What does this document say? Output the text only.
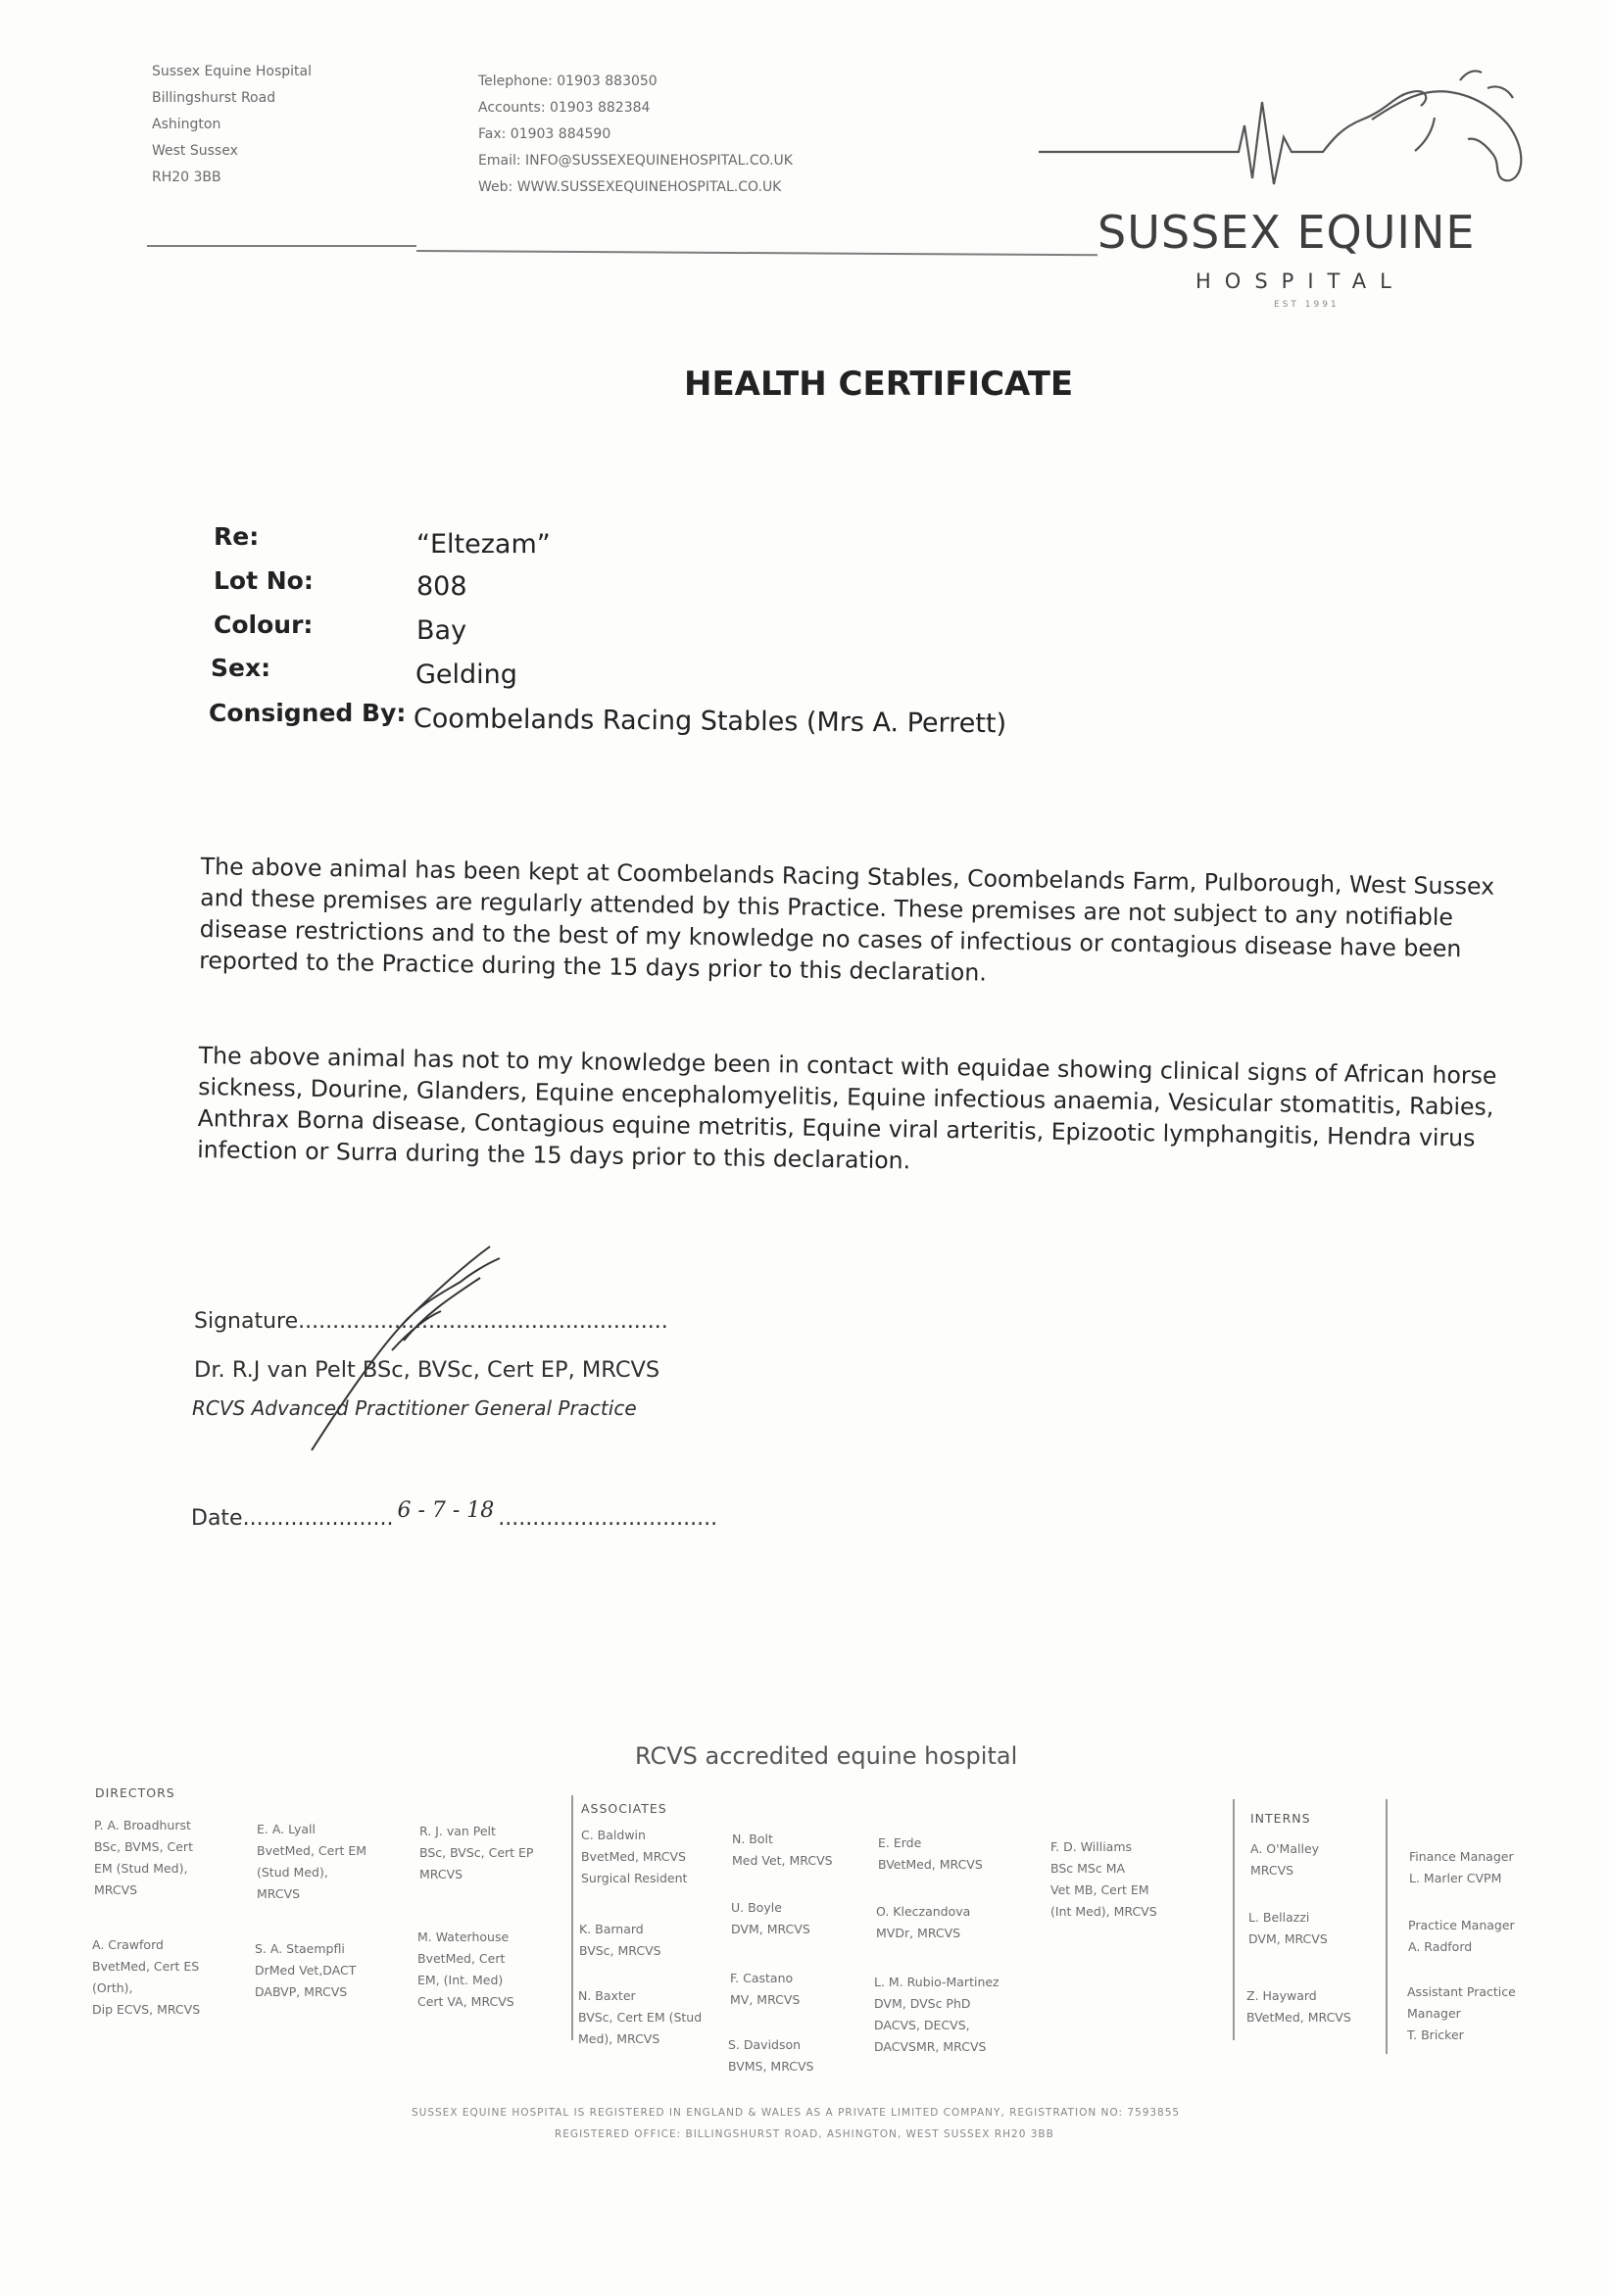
Sussex Equine Hospital
Billingshurst Road
Ashington
West Sussex
RH20 3BB
Telephone: 01903 883050
Accounts: 01903 882384
Fax: 01903 884590
Email: INFO@SUSSEXEQUINEHOSPITAL.CO.UK
Web: WWW.SUSSEXEQUINEHOSPITAL.CO.UK
SUSSEX EQUINE
HOSPITAL
EST 1991
HEALTH CERTIFICATE
Re:	“Eltezam”
Lot No:	808
Colour:	Bay
Sex:	Gelding
Consigned By: Coombelands Racing Stables (Mrs A. Perrett)
The above animal has been kept at Coombelands Racing Stables, Coombelands Farm, Pulborough, West Sussex and these premises are regularly attended by this Practice. These premises are not subject to any notifiable disease restrictions and to the best of my knowledge no cases of infectious or contagious disease have been reported to the Practice during the 15 days prior to this declaration.
The above animal has not to my knowledge been in contact with equidae showing clinical signs of African horse sickness, Dourine, Glanders, Equine encephalomyelitis, Equine infectious anaemia, Vesicular stomatitis, Rabies, Anthrax Borna disease, Contagious equine metritis, Equine viral arteritis, Epizootic lymphangitis, Hendra virus infection or Surra during the 15 days prior to this declaration.
Signature......................................................
Dr. R.J van Pelt BSc, BVSc, Cert EP, MRCVS
RCVS Advanced Practitioner General Practice
Date...................... 6 - 7 - 18 ................................
RCVS accredited equine hospital
DIRECTORS
P. A. Broadhurst
BSc, BVMS, Cert
EM (Stud Med),
MRCVS
A. Crawford
BvetMed, Cert ES
(Orth),
Dip ECVS, MRCVS
E. A. Lyall
BvetMed, Cert EM
(Stud Med),
MRCVS
S. A. Staempfli
DrMed Vet,DACT
DABVP, MRCVS
R. J. van Pelt
BSc, BVSc, Cert EP
MRCVS
M. Waterhouse
BvetMed, Cert
EM, (Int. Med)
Cert VA, MRCVS
ASSOCIATES
C. Baldwin
BvetMed, MRCVS
Surgical Resident
K. Barnard
BVSc, MRCVS
N. Baxter
BVSc, Cert EM (Stud
Med), MRCVS
N. Bolt
Med Vet, MRCVS
U. Boyle
DVM, MRCVS
F. Castano
MV, MRCVS
S. Davidson
BVMS, MRCVS
E. Erde
BVetMed, MRCVS
O. Kleczandova
MVDr, MRCVS
L. M. Rubio-Martinez
DVM, DVSc PhD
DACVS, DECVS,
DACVSMR, MRCVS
F. D. Williams
BSc MSc MA
Vet MB, Cert EM
(Int Med), MRCVS
INTERNS
A. O'Malley
MRCVS
L. Bellazzi
DVM, MRCVS
Z. Hayward
BVetMed, MRCVS
Finance Manager
L. Marler CVPM
Practice Manager
A. Radford
Assistant Practice
Manager
T. Bricker
SUSSEX EQUINE HOSPITAL IS REGISTERED IN ENGLAND & WALES AS A PRIVATE LIMITED COMPANY, REGISTRATION NO: 7593855
REGISTERED OFFICE: BILLINGSHURST ROAD, ASHINGTON, WEST SUSSEX RH20 3BB
